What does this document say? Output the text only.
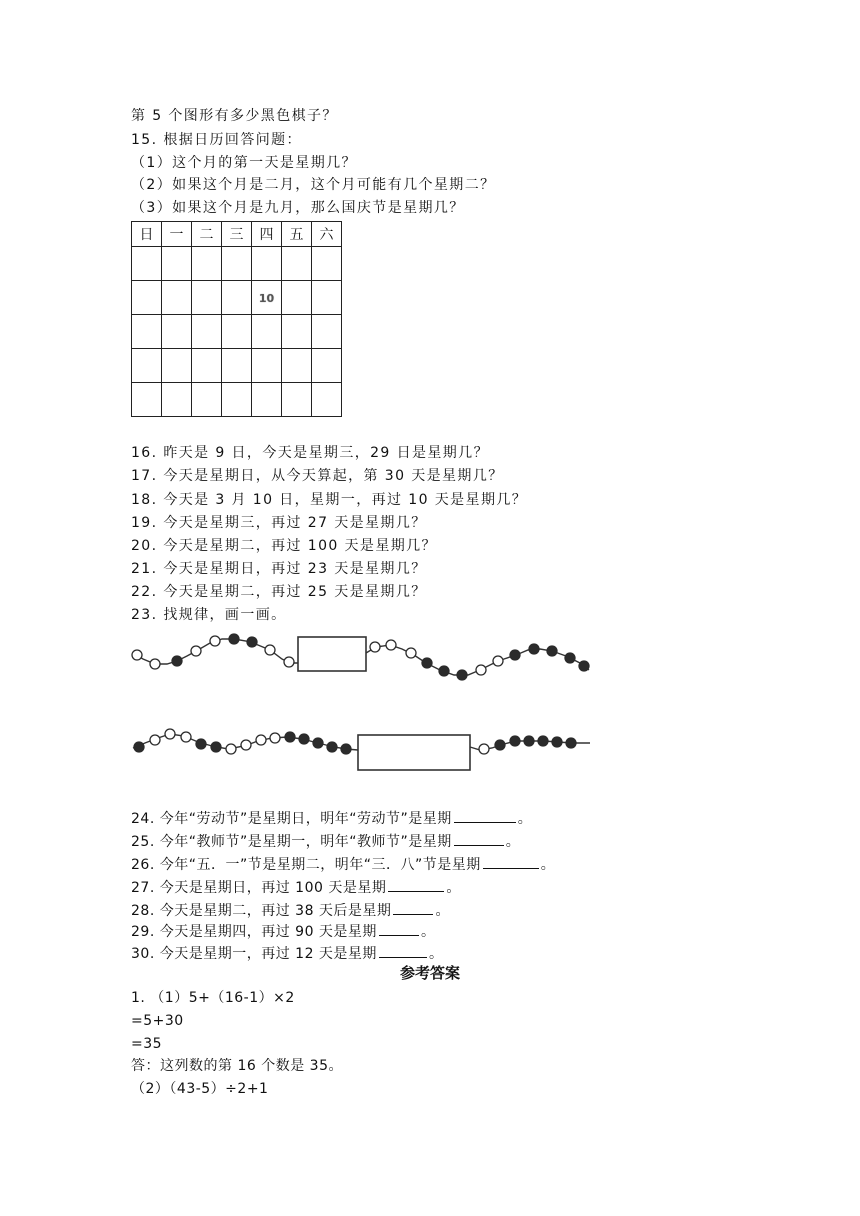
第 5 个图形有多少黑色棋子？
15. 根据日历回答问题：
（1）这个月的第一天是星期几？
（2）如果这个月是二月，这个月可能有几个星期二？
（3）如果这个月是九月，那么国庆节是星期几？
日	一	二	三	四	五	六

				10		

16. 昨天是 9 日，今天是星期三，29 日是星期几？
17. 今天是星期日，从今天算起，第 30 天是星期几？
18. 今天是 3 月 10 日，星期一，再过 10 天是星期几？
19. 今天是星期三，再过 27 天是星期几？
20. 今天是星期二，再过 100 天是星期几？
21. 今天是星期日，再过 23 天是星期几？
22. 今天是星期二，再过 25 天是星期几？
23. 找规律，画一画。
24. 今年“劳动节”是星期日，明年“劳动节”是星期	。
25. 今年“教师节”是星期一，明年“教师节”是星期	。
26. 今年“五．一”节是星期二，明年“三．八”节是星期	。
27. 今天是星期日，再过 100 天是星期	。
28. 今天是星期二，再过 38 天后是星期	。
29. 今天是星期四，再过 90 天是星期	。
30. 今天是星期一，再过 12 天是星期	。
参考答案
1. （1）5+（16-1）×2
=5+30
=35
答：这列数的第 16 个数是 35。
（2）（43-5）÷2+1
